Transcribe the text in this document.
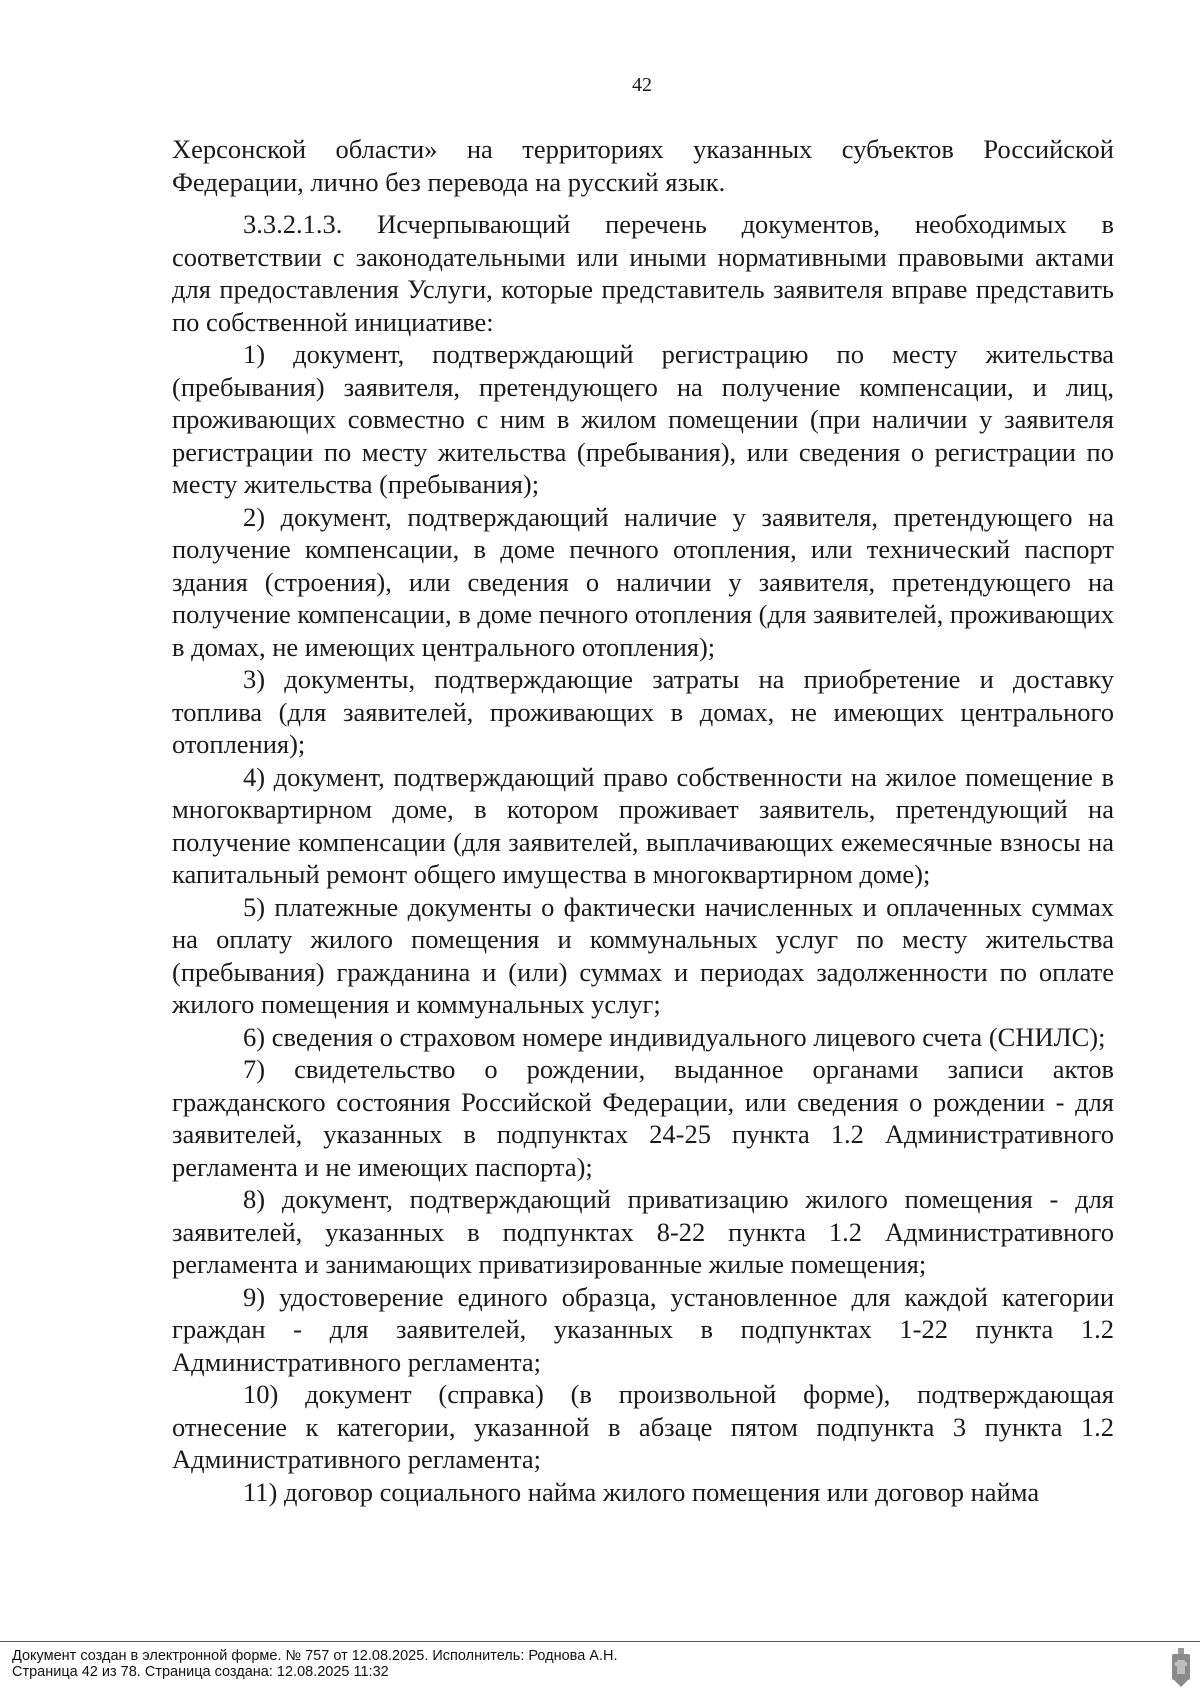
42

Херсонской области» на территориях указанных субъектов Российской Федерации, лично без перевода на русский язык.

3.3.2.1.3. Исчерпывающий перечень документов, необходимых в соответствии с законодательными или иными нормативными правовыми актами для предоставления Услуги, которые представитель заявителя вправе представить по собственной инициативе:

1) документ, подтверждающий регистрацию по месту жительства (пребывания) заявителя, претендующего на получение компенсации, и лиц, проживающих совместно с ним в жилом помещении (при наличии у заявителя регистрации по месту жительства (пребывания), или сведения о регистрации по месту жительства (пребывания);

2) документ, подтверждающий наличие у заявителя, претендующего на получение компенсации, в доме печного отопления, или технический паспорт здания (строения), или сведения о наличии у заявителя, претендующего на получение компенсации, в доме печного отопления (для заявителей, проживающих в домах, не имеющих центрального отопления);

3) документы, подтверждающие затраты на приобретение и доставку топлива (для заявителей, проживающих в домах, не имеющих центрального отопления);

4) документ, подтверждающий право собственности на жилое помещение в многоквартирном доме, в котором проживает заявитель, претендующий на получение компенсации (для заявителей, выплачивающих ежемесячные взносы на капитальный ремонт общего имущества в многоквартирном доме);

5) платежные документы о фактически начисленных и оплаченных суммах на оплату жилого помещения и коммунальных услуг по месту жительства (пребывания) гражданина и (или) суммах и периодах задолженности по оплате жилого помещения и коммунальных услуг;

6) сведения о страховом номере индивидуального лицевого счета (СНИЛС);

7) свидетельство о рождении, выданное органами записи актов гражданского состояния Российской Федерации, или сведения о рождении - для заявителей, указанных в подпунктах 24-25 пункта 1.2 Административного регламента и не имеющих паспорта);

8) документ, подтверждающий приватизацию жилого помещения - для заявителей, указанных в подпунктах 8-22 пункта 1.2 Административного регламента и занимающих приватизированные жилые помещения;

9) удостоверение единого образца, установленное для каждой категории граждан - для заявителей, указанных в подпунктах 1-22 пункта 1.2 Административного регламента;

10) документ (справка) (в произвольной форме), подтверждающая отнесение к категории, указанной в абзаце пятом подпункта 3 пункта 1.2 Административного регламента;

11) договор социального найма жилого помещения или договор найма

Документ создан в электронной форме. № 757 от 12.08.2025. Исполнитель: Роднова А.Н.
Страница 42 из 78. Страница создана: 12.08.2025 11:32
